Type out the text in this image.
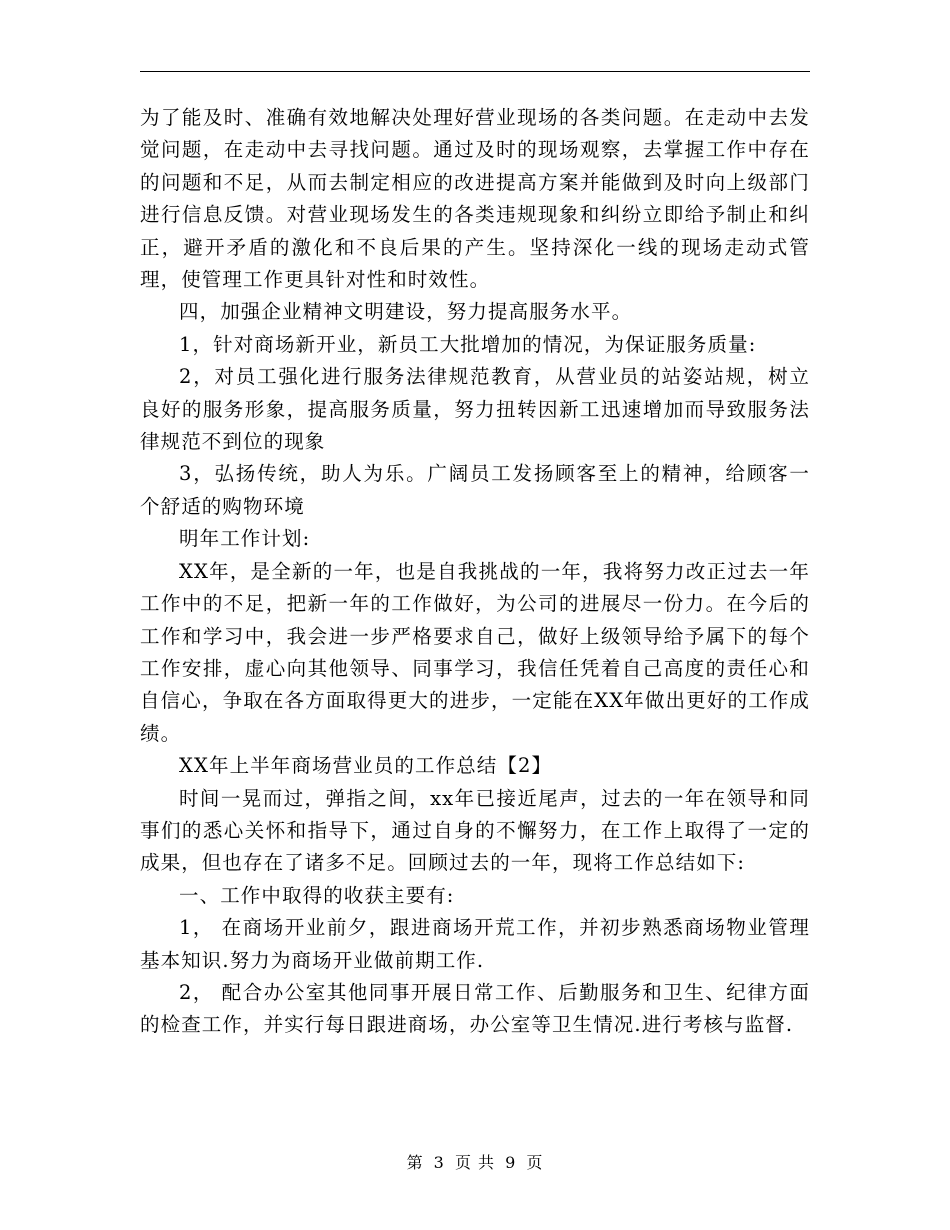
为了能及时、准确有效地解决处理好营业现场的各类问题。在走动中去发觉问题，在走动中去寻找问题。通过及时的现场观察，去掌握工作中存在的问题和不足，从而去制定相应的改进提高方案并能做到及时向上级部门进行信息反馈。对营业现场发生的各类违规现象和纠纷立即给予制止和纠正，避开矛盾的激化和不良后果的产生。坚持深化一线的现场走动式管理，使管理工作更具针对性和时效性。

四，加强企业精神文明建设，努力提高服务水平。

1，针对商场新开业，新员工大批增加的情况，为保证服务质量:

2，对员工强化进行服务法律规范教育，从营业员的站姿站规，树立良好的服务形象，提高服务质量，努力扭转因新工迅速增加而导致服务法律规范不到位的现象

3，弘扬传统，助人为乐。广阔员工发扬顾客至上的精神，给顾客一个舒适的购物环境

明年工作计划:

XX年，是全新的一年，也是自我挑战的一年，我将努力改正过去一年工作中的不足，把新一年的工作做好，为公司的进展尽一份力。在今后的工作和学习中，我会进一步严格要求自己，做好上级领导给予属下的每个工作安排，虚心向其他领导、同事学习，我信任凭着自己高度的责任心和自信心，争取在各方面取得更大的进步，一定能在XX年做出更好的工作成绩。

XX年上半年商场营业员的工作总结【2】

时间一晃而过，弹指之间，xx年已接近尾声，过去的一年在领导和同事们的悉心关怀和指导下，通过自身的不懈努力，在工作上取得了一定的成果，但也存在了诸多不足。回顾过去的一年，现将工作总结如下:

一、工作中取得的收获主要有:

1， 在商场开业前夕，跟进商场开荒工作，并初步熟悉商场物业管理基本知识.努力为商场开业做前期工作.

2， 配合办公室其他同事开展日常工作、后勤服务和卫生、纪律方面的检查工作，并实行每日跟进商场，办公室等卫生情况.进行考核与监督.

第 3 页 共 9 页
